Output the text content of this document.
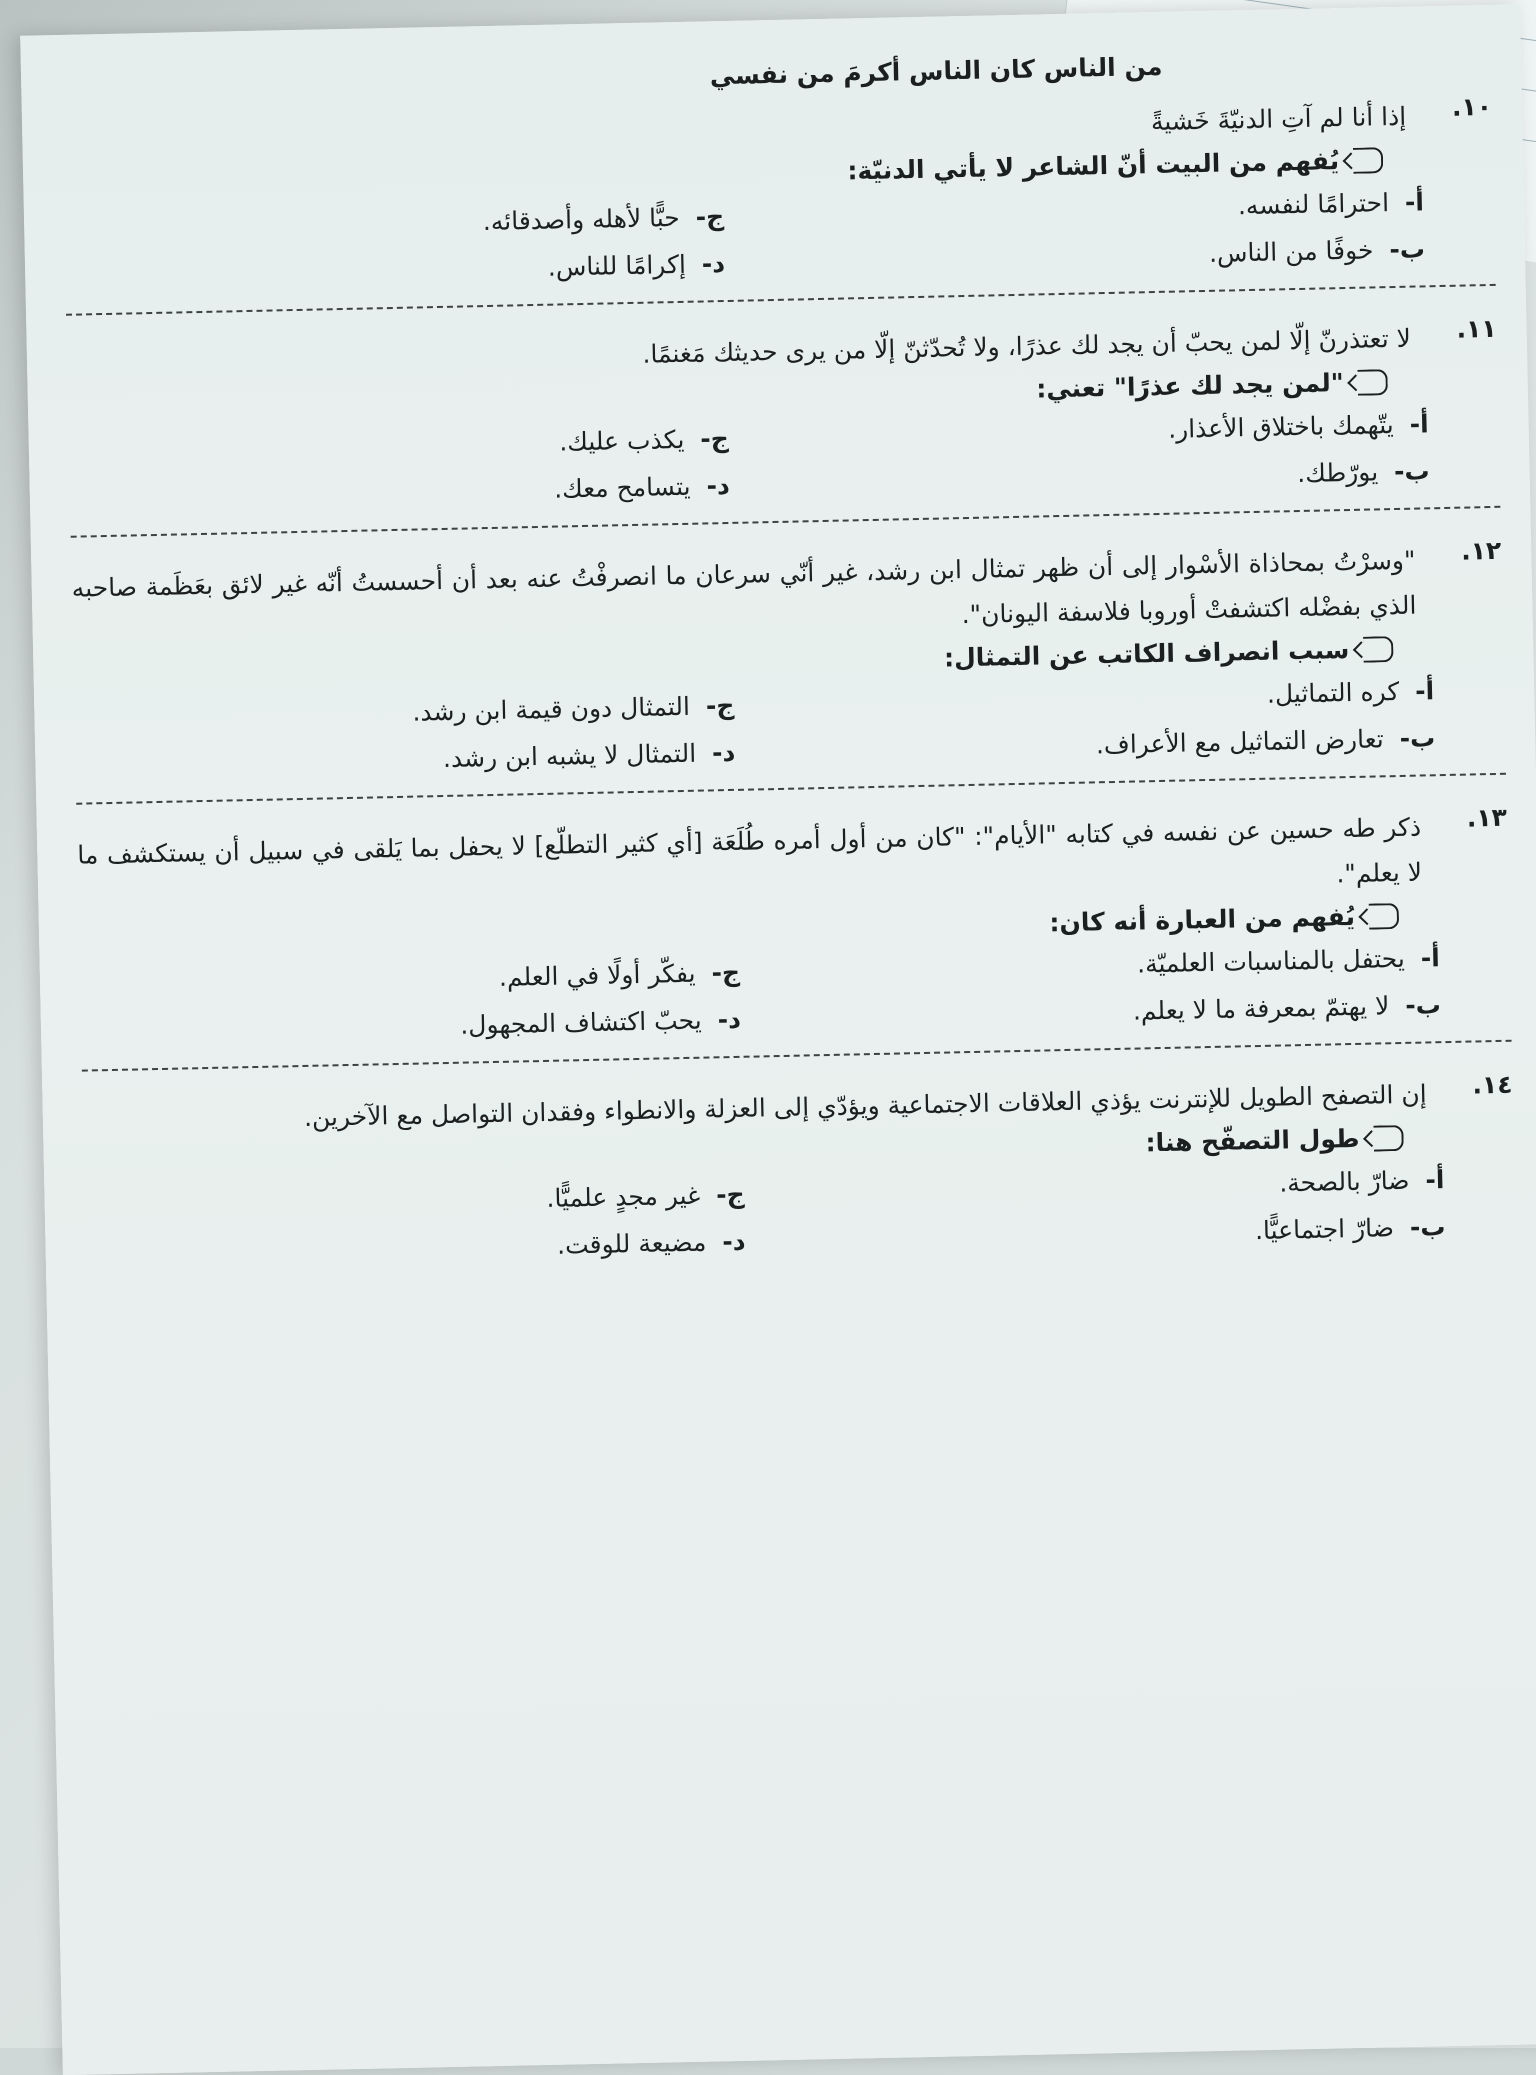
من الناس كان الناس أكرمَ من نفسي
١٠.
إذا أنا لم آتِ الدنيّةَ خَشيةً
يُفهم من البيت أنّ الشاعر لا يأتي الدنيّة:
أ-
احترامًا لنفسه.
ج-
حبًّا لأهله وأصدقائه.
ب-
خوفًا من الناس.
د-
إكرامًا للناس.
١١.
لا تعتذرنّ إلّا لمن يحبّ أن يجد لك عذرًا، ولا تُحدّثنّ إلّا من يرى حديثك مَغنمًا.
"لمن يجد لك عذرًا" تعني:
أ-
يتّهمك باختلاق الأعذار.
ج-
يكذب عليك.
ب-
يورّطك.
د-
يتسامح معك.
١٢.
"وسرْتُ بمحاذاة الأسْوار إلى أن ظهر تمثال ابن رشد، غير أنّي سرعان ما انصرفْتُ عنه بعد أن أحسستُ أنّه غير لائق بعَظَمة صاحبه الذي بفضْله اكتشفتْ أوروبا فلاسفة اليونان".
سبب انصراف الكاتب عن التمثال:
أ-
كره التماثيل.
ج-
التمثال دون قيمة ابن رشد.
ب-
تعارض التماثيل مع الأعراف.
د-
التمثال لا يشبه ابن رشد.
١٣.
ذكر طه حسين عن نفسه في كتابه "الأيام": "كان من أول أمره طُلَعَة [أي كثير التطلّع] لا يحفل بما يَلقى في سبيل أن يستكشف ما لا يعلم".
يُفهم من العبارة أنه كان:
أ-
يحتفل بالمناسبات العلميّة.
ج-
يفكّر أولًا في العلم.
ب-
لا يهتمّ بمعرفة ما لا يعلم.
د-
يحبّ اكتشاف المجهول.
١٤.
إن التصفح الطويل للإنترنت يؤذي العلاقات الاجتماعية ويؤدّي إلى العزلة والانطواء وفقدان التواصل مع الآخرين.
طول التصفّح هنا:
أ-
ضارّ بالصحة.
ج-
غير مجدٍ علميًّا.
ب-
ضارّ اجتماعيًّا.
د-
مضيعة للوقت.
